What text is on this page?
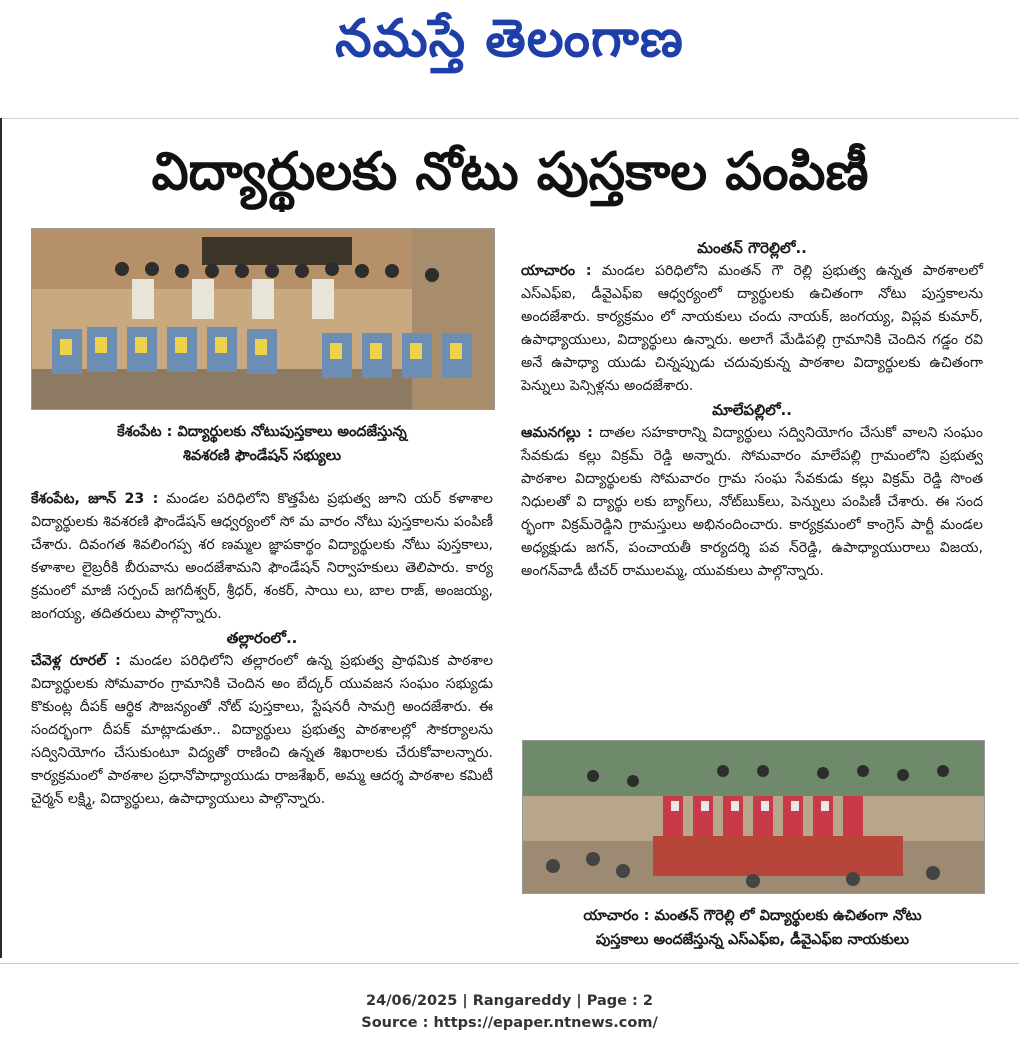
నమస్తే తెలంగాణ
విద్యార్థులకు నోటు పుస్తకాల పంపిణీ
కేశంపేట : విద్యార్థులకు నోటుపుస్తకాలు అందజేస్తున్న
శివశరణి ఫౌండేషన్ సభ్యులు

కేశంపేట, జూన్ 23 : మండల పరిధిలోని కొత్తపేట ప్రభుత్వ జూని యర్ కళాశాల విద్యార్థులకు శివశరణి ఫౌండేషన్ ఆధ్వర్యంలో సో మ వారం నోటు పుస్తకాలను పంపిణీ చేశారు. దివంగత శివలింగప్ప శర ణమ్మల జ్ఞాపకార్థం విద్యార్థులకు నోటు పుస్తకాలు, కళాశాల లైబ్రరీకి బీరువాను అందజేశామని ఫౌండేషన్ నిర్వాహకులు తెలిపారు. కార్య క్రమంలో మాజీ సర్పంచ్ జగదీశ్వర్, శ్రీధర్, శంకర్, సాయి లు, బాల రాజ్, అంజయ్య, జంగయ్య, తదితరులు పాల్గొన్నారు.

తల్లారంలో..

చేవెళ్ల రూరల్ : మండల పరిధిలోని తల్లారంలో ఉన్న ప్రభుత్వ ప్రాథమిక పాఠశాల విద్యార్థులకు సోమవారం గ్రామానికి చెందిన అం బేద్కర్ యువజన సంఘం సభ్యుడు కొకుంట్ల దీపక్ ఆర్థిక సౌజన్యంతో నోట్ పుస్తకాలు, స్టేషనరీ సామగ్రి అందజేశారు. ఈ సందర్భంగా దీపక్ మాట్లాడుతూ.. విద్యార్థులు ప్రభుత్వ పాఠశాలల్లో సౌకర్యాలను సద్వినియోగం చేసుకుంటూ విద్యతో రాణించి ఉన్నత శిఖరాలకు చేరుకోవాలన్నారు. కార్యక్రమంలో పాఠశాల ప్రధానోపాధ్యాయుడు రాజశేఖర్, అమ్మ ఆదర్శ పాఠశాల కమిటీ చైర్మన్ లక్ష్మి, విద్యార్థులు, ఉపాధ్యాయులు పాల్గొన్నారు.

మంతన్ గౌరెల్లిలో..

యాచారం : మండల పరిధిలోని మంతన్ గౌ రెల్లి ప్రభుత్వ ఉన్నత పాఠశాలలో ఎస్ఎఫ్ఐ, డీవైఎఫ్ఐ ఆధ్వర్యంలో ద్యార్థులకు ఉచితంగా నోటు పుస్తకాలను అందజేశారు. కార్యక్రమం లో నాయకులు చందు నాయక్, జంగయ్య, విప్లవ కుమార్, ఉపాధ్యాయులు, విద్యార్థులు ఉన్నారు. అలాగే మేడిపల్లి గ్రామానికి చెందిన గడ్డం రవి అనే ఉపాధ్యా యుడు చిన్నప్పుడు చదువుకున్న పాఠశాల విద్యార్థులకు ఉచితంగా పెన్నులు పెన్సిళ్లను అందజేశారు.

మాలేపల్లిలో..

ఆమనగల్లు : దాతల సహకారాన్ని విద్యార్థులు సద్వినియోగం చేసుకో వాలని సంఘం సేవకుడు కల్లు విక్రమ్ రెడ్డి అన్నారు. సోమవారం మాలేపల్లి గ్రామంలోని ప్రభుత్వ పాఠశాల విద్యార్థులకు సోమవారం గ్రామ సంఘ సేవకుడు కల్లు విక్రమ్ రెడ్డి సొంత నిధులతో వి ద్యార్థు లకు బ్యాగ్‌లు, నోట్‌బుక్‌లు, పెన్నులు పంపిణీ చేశారు. ఈ సంద ర్భంగా విక్రమ్‌రెడ్డిని గ్రామస్తులు అభినందించారు. కార్యక్రమంలో కాంగ్రెస్ పార్టీ మండల అధ్యక్షుడు జగన్, పంచాయతీ కార్యదర్శి పవ న్‌రెడ్డి, ఉపాధ్యాయురాలు విజయ, అంగన్‌వాడీ టీచర్ రాములమ్మ, యువకులు పాల్గొన్నారు.

యాచారం : మంతన్ గౌరెల్లి లో విద్యార్థులకు ఉచితంగా నోటు
పుస్తకాలు అందజేస్తున్న ఎస్ఎఫ్ఐ, డీవైఎఫ్ఐ నాయకులు
24/06/2025 | Rangareddy | Page : 2
Source : https://epaper.ntnews.com/
